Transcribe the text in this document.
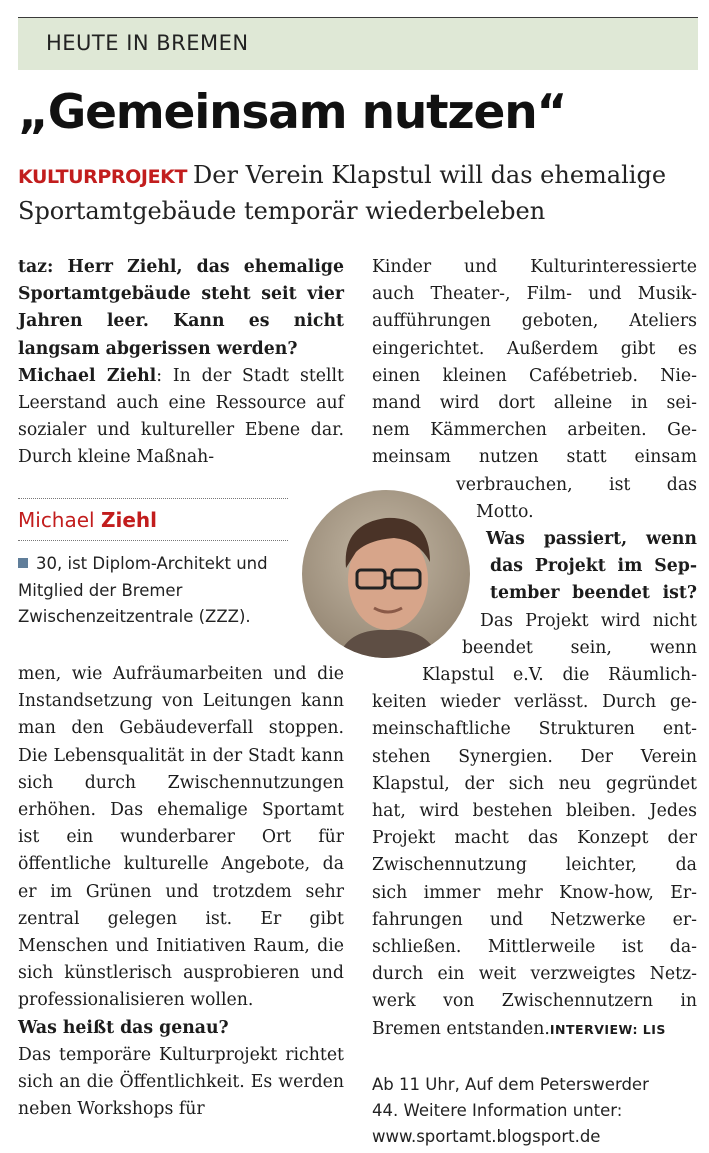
HEUTE IN BREMEN
„Gemeinsam nutzen“
KULTURPROJEKT Der Verein Klapstul will das ehemalige Sportamtgebäude temporär wiederbeleben

taz: Herr Ziehl, das ehemalige Sportamtgebäude steht seit vier Jahren leer. Kann es nicht langsam abgerissen werden?
Michael Ziehl: In der Stadt stellt Leerstand auch eine Ressource auf sozialer und kultureller Ebene dar. Durch kleine Maßnah-

Michael Ziehl
30, ist Diplom-Architekt und Mitglied der Bremer Zwischenzeitzentrale (ZZZ).

men, wie Aufräumarbeiten und die Instandsetzung von Leitungen kann man den Gebäudeverfall stoppen. Die Lebensqualität in der Stadt kann sich durch Zwischennutzungen erhöhen. Das ehemalige Sportamt ist ein wunderbarer Ort für öffentliche kulturelle Angebote, da er im Grünen und trotzdem sehr zentral gelegen ist. Er gibt Menschen und Initiativen Raum, die sich künstlerisch ausprobieren und professionalisieren wollen.

Was heißt das genau?

Das temporäre Kulturprojekt richtet sich an die Öffentlichkeit. Es werden neben Workshops für

Kinder und Kulturinteressierte
auch Theater-, Film- und Musik-
aufführungen geboten, Ateliers
eingerichtet. Außerdem gibt es
einen kleinen Cafébetrieb. Nie-
mand wird dort alleine in sei-
nem Kämmerchen arbeiten. Ge-
meinsam nutzen statt einsam
verbrauchen, ist das
Motto.
Was passiert, wenn
das Projekt im Sep-
tember beendet ist?
Das Projekt wird nicht
beendet sein, wenn
Klapstul e.V. die Räumlich-
keiten wieder verlässt. Durch ge-
meinschaftliche Strukturen ent-
stehen Synergien. Der Verein
Klapstul, der sich neu gegründet
hat, wird bestehen bleiben. Jedes
Projekt macht das Konzept der
Zwischennutzung leichter, da
sich immer mehr Know-how, Er-
fahrungen und Netzwerke er-
schließen. Mittlerweile ist da-
durch ein weit verzweigtes Netz-
werk von Zwischennutzern in
Bremen entstanden.INTERVIEW: LIS
Ab 11 Uhr, Auf dem Peterswerder
44. Weitere Information unter:
www.sportamt.blogsport.de
